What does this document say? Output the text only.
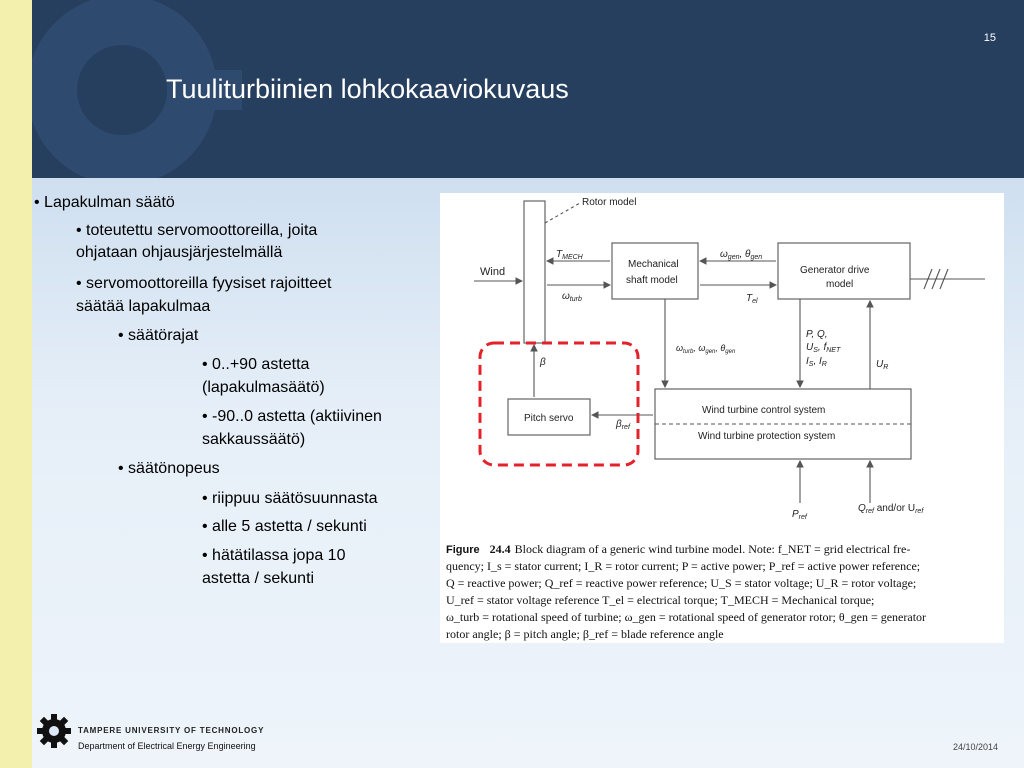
15
Tuuliturbiinien lohkokaaviokuvaus
• Lapakulman säätö
• toteutettu servomoottoreilla, joita
ohjataan ohjausjärjestelmällä
• servomoottoreilla fyysiset rajoitteet
säätää lapakulmaa
• säätörajat
• 0..+90 astetta
(lapakulmasäätö)
• -90..0 astetta (aktiivinen
sakkaussäätö)
• säätönopeus
• riippuu säätösuunnasta
• alle 5 astetta / sekunti
• hätätilassa jopa 10
astetta / sekunti
Rotor model
Wind
Mechanical
shaft model
Generator drive
model
Pitch servo
Wind turbine control system
Wind turbine protection system
$T_{MECH}$
$\omega_{turb}$
$\omega_{gen}$, $\theta_{gen}$
$T_{el}$
$\omega_{turb}$, $\omega_{gen}$, $\theta_{gen}$
β
$\beta_{ref}$
P, Q,
$U_S$, $f_{NET}$
$I_S$, $I_R$	$U_R$
$P_{ref}$
$Q_{ref}$ and/or $U_{ref}$
Figure 24.4 Block diagram of a generic wind turbine model. Note: f_NET = grid electrical fre-
quency; I_s = stator current; I_R = rotor current; P = active power; P_ref = active power reference;
Q = reactive power; Q_ref = reactive power reference; U_S = stator voltage; U_R = rotor voltage;
U_ref = stator voltage reference T_el = electrical torque; T_MECH = Mechanical torque;
ω_turb = rotational speed of turbine; ω_gen = rotational speed of generator rotor; θ_gen = generator
rotor angle; β = pitch angle; β_ref = blade reference angle
TAMPERE UNIVERSITY OF TECHNOLOGY
Department of Electrical Energy Engineering	24/10/2014
